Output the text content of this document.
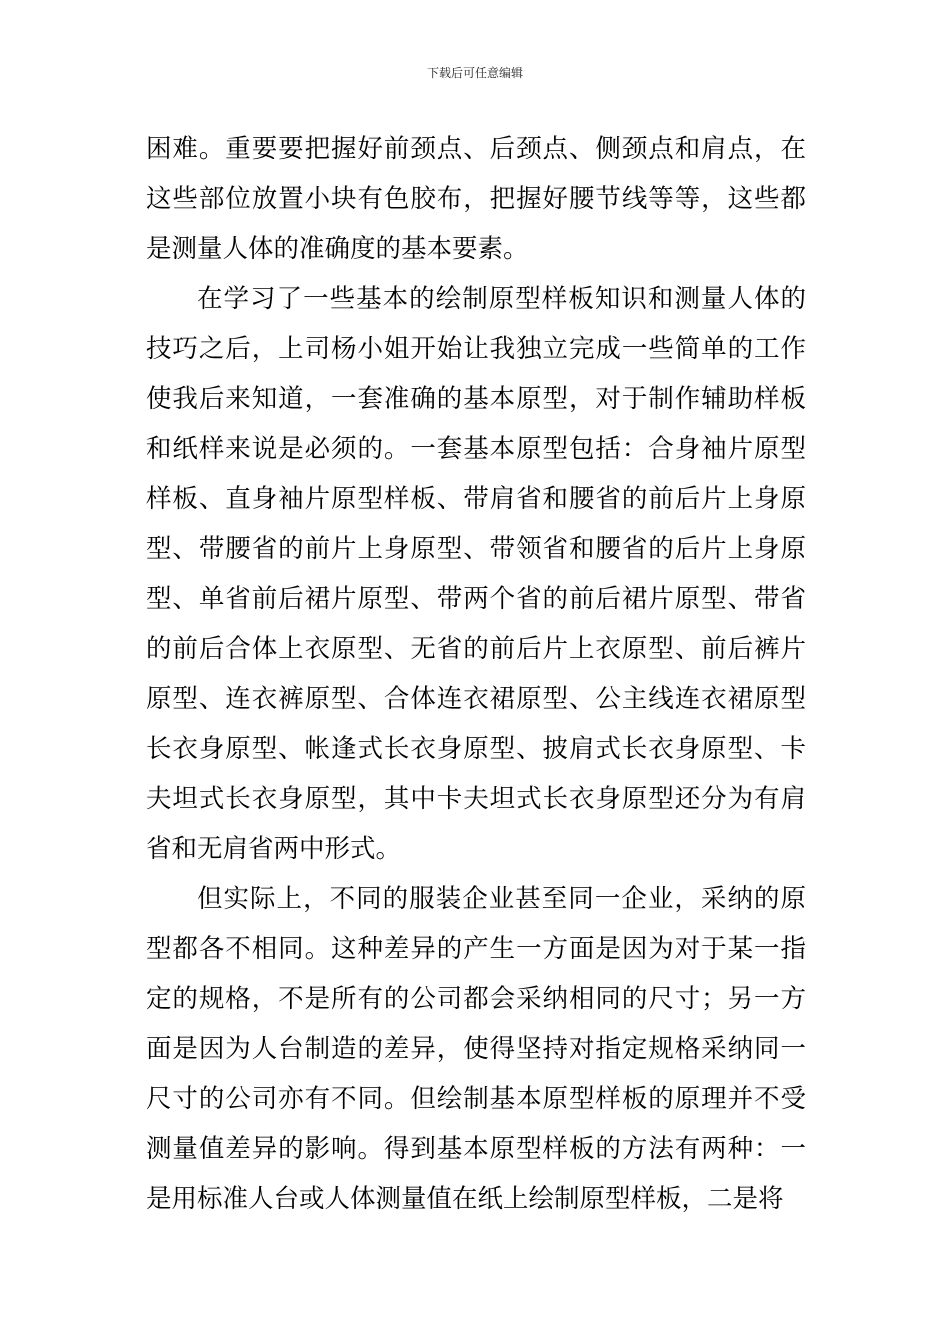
下载后可任意编辑

困难。重要要把握好前颈点、后颈点、侧颈点和肩点，在这些部位放置小块有色胶布，把握好腰节线等等，这些都是测量人体的准确度的基本要素。

在学习了一些基本的绘制原型样板知识和测量人体的技巧之后，上司杨小姐开始让我独立完成一些简单的工作使我后来知道，一套准确的基本原型，对于制作辅助样板和纸样来说是必须的。一套基本原型包括：合身袖片原型样板、直身袖片原型样板、带肩省和腰省的前后片上身原型、带腰省的前片上身原型、带领省和腰省的后片上身原型、单省前后裙片原型、带两个省的前后裙片原型、带省的前后合体上衣原型、无省的前后片上衣原型、前后裤片原型、连衣裤原型、合体连衣裙原型、公主线连衣裙原型长衣身原型、帐逢式长衣身原型、披肩式长衣身原型、卡夫坦式长衣身原型，其中卡夫坦式长衣身原型还分为有肩省和无肩省两中形式。

但实际上，不同的服装企业甚至同一企业，采纳的原型都各不相同。这种差异的产生一方面是因为对于某一指定的规格，不是所有的公司都会采纳相同的尺寸；另一方面是因为人台制造的差异，使得坚持对指定规格采纳同一尺寸的公司亦有不同。但绘制基本原型样板的原理并不受测量值差异的影响。得到基本原型样板的方法有两种：一是用标准人台或人体测量值在纸上绘制原型样板，二是将
